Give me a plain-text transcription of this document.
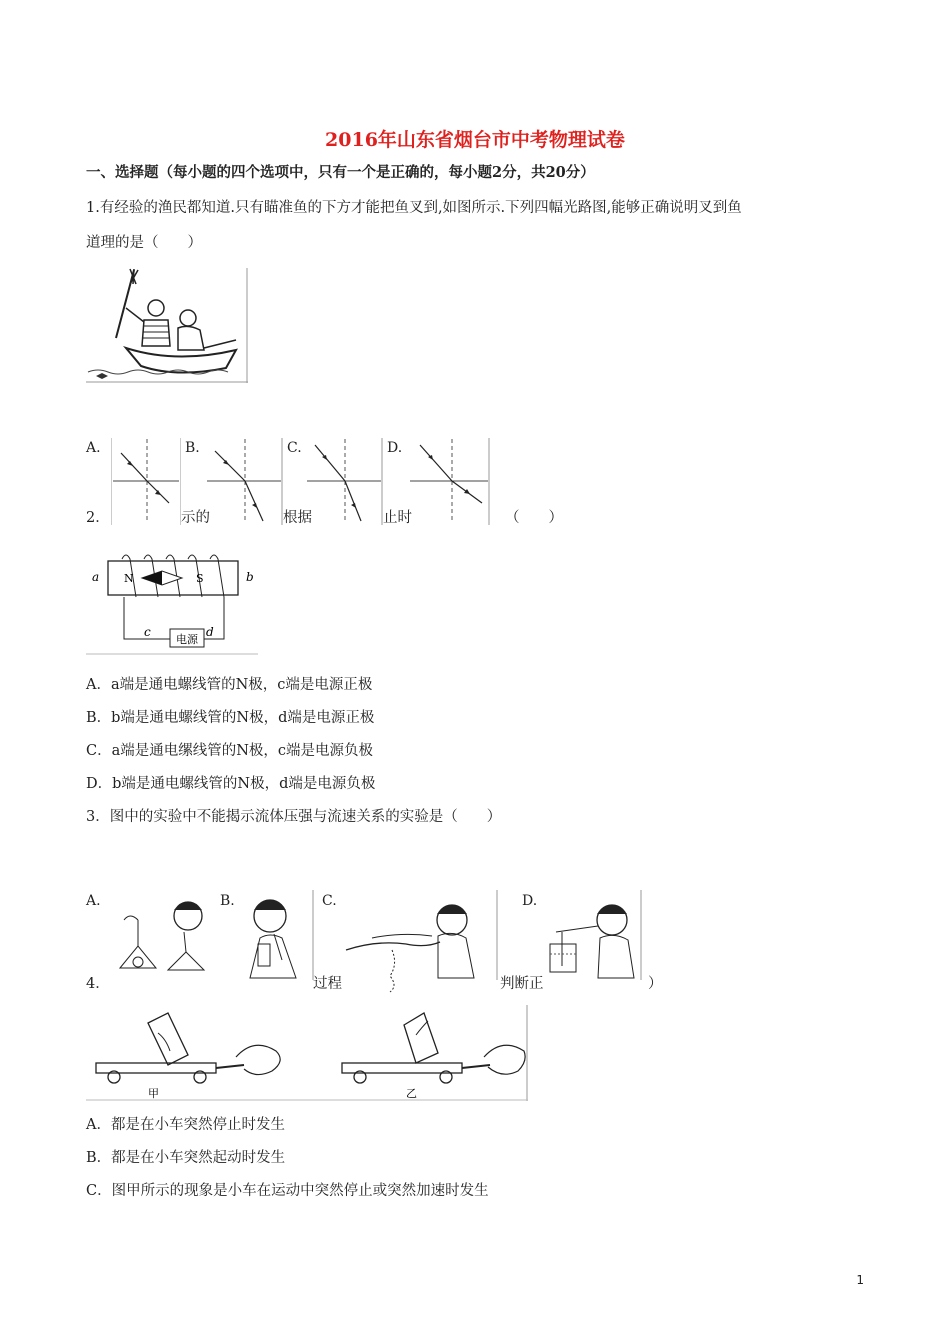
2016年山东省烟台市中考物理试卷
一、选择题（每小题的四个选项中，只有一个是正确的，每小题2分，共20分）
1.有经验的渔民都知道.只有瞄准鱼的下方才能把鱼叉到,如图所示.下列四幅光路图,能够正确说明叉到鱼
道理的是（　　）
A.	B.	C.	D.
2．	示的	根据	止时	（　　）
N	S
a	b
电源
c	d
A．a端是通电螺线管的N极，c端是电源正极
B．b端是通电螺线管的N极，d端是电源正极
C．a端是通电缧线管的N极，c端是电源负极
D．b端是通电螺线管的N极，d端是电源负极
3．图中的实验中不能揭示流体压强与流速关系的实验是（　　）
A.	B.	C.	D.
4．	过程	判断正	）
甲	乙
A．都是在小车突然停止时发生
B．都是在小车突然起动时发生
C．图甲所示的现象是小车在运动中突然停止或突然加速时发生
1
